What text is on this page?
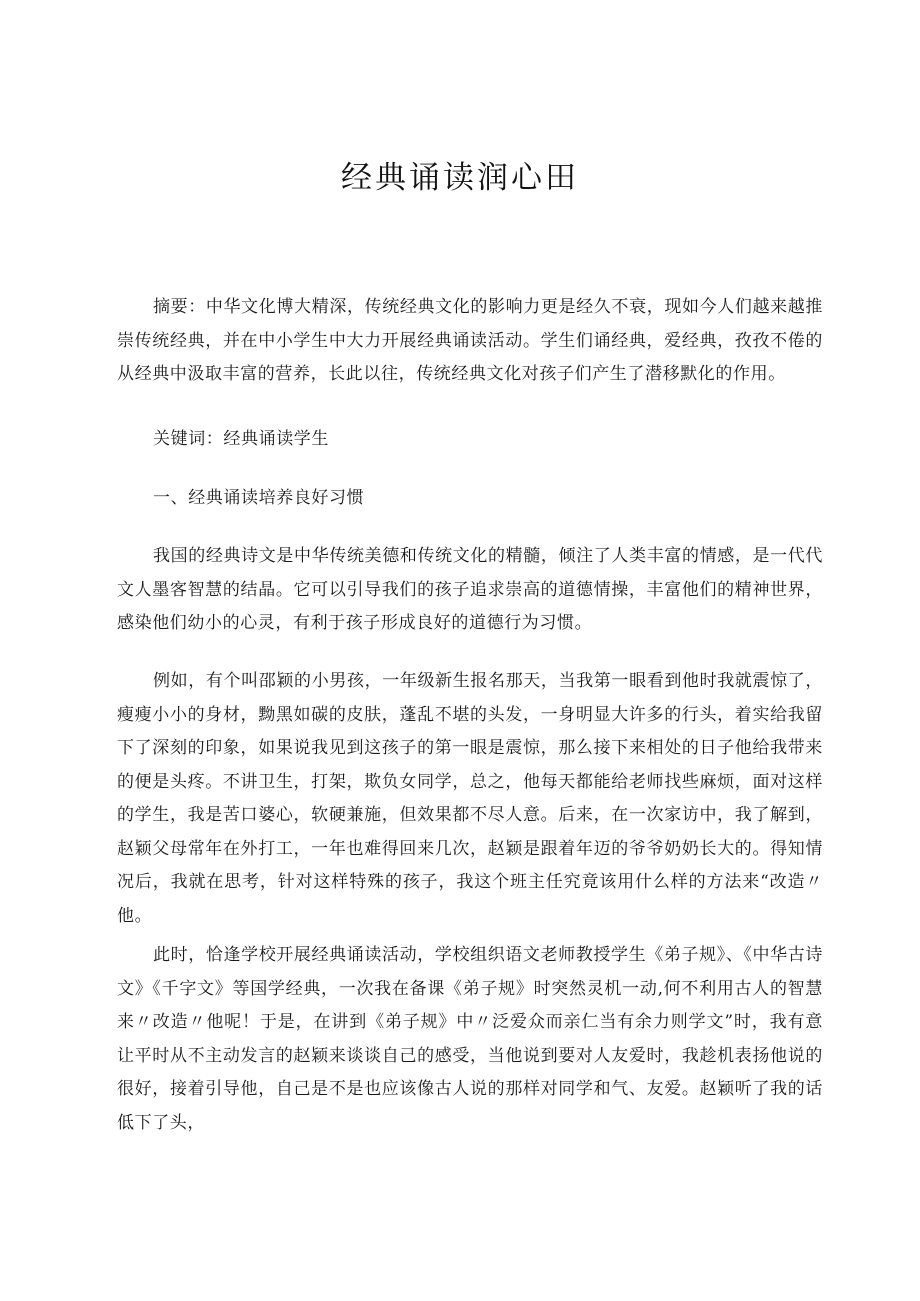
经典诵读润心田

摘要：中华文化博大精深，传统经典文化的影响力更是经久不衰，现如今人们越来越推崇传统经典，并在中小学生中大力开展经典诵读活动。学生们诵经典，爱经典，孜孜不倦的从经典中汲取丰富的营养，长此以往，传统经典文化对孩子们产生了潜移默化的作用。

关键词：经典诵读学生

一、经典诵读培养良好习惯

我国的经典诗文是中华传统美德和传统文化的精髓，倾注了人类丰富的情感，是一代代文人墨客智慧的结晶。它可以引导我们的孩子追求崇高的道德情操，丰富他们的精神世界，感染他们幼小的心灵，有利于孩子形成良好的道德行为习惯。

例如，有个叫邵颖的小男孩，一年级新生报名那天，当我第一眼看到他时我就震惊了，瘦瘦小小的身材，黝黑如碳的皮肤，蓬乱不堪的头发，一身明显大许多的行头，着实给我留下了深刻的印象，如果说我见到这孩子的第一眼是震惊，那么接下来相处的日子他给我带来的便是头疼。不讲卫生，打架，欺负女同学，总之，他每天都能给老师找些麻烦，面对这样的学生，我是苦口婆心，软硬兼施，但效果都不尽人意。后来，在一次家访中，我了解到，赵颖父母常年在外打工，一年也难得回来几次，赵颖是跟着年迈的爷爷奶奶长大的。得知情况后，我就在思考，针对这样特殊的孩子，我这个班主任究竟该用什么样的方法来“改造〃他。

此时，恰逢学校开展经典诵读活动，学校组织语文老师教授学生《弟子规》、《中华古诗文》《千字文》等国学经典，一次我在备课《弟子规》时突然灵机一动,何不利用古人的智慧来〃改造〃他呢！于是，在讲到《弟子规》中〃泛爱众而亲仁当有余力则学文”时，我有意让平时从不主动发言的赵颖来谈谈自己的感受，当他说到要对人友爱时，我趁机表扬他说的很好，接着引导他，自己是不是也应该像古人说的那样对同学和气、友爱。赵颖听了我的话低下了头，
